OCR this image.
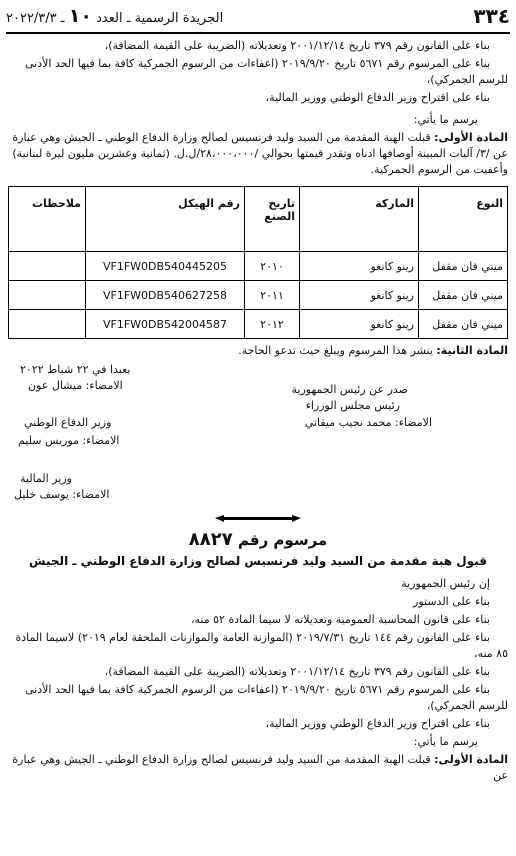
٣٣٤
الجريدة الرسمية ـ العدد ١٠ ـ ٢٠٢٢/٣/٣

بناء على القانون رقم ٣٧٩ تاريخ ٢٠٠١/١٢/١٤ وتعديلاته (الضريبة على القيمة المضافة)،

بناء على المرسوم رقم ٥٦٧١ تاريخ ٢٠١٩/٩/٢٠ (اعفاءات من الرسوم الجمركية كافة بما فيها الحد الأدنى للرسم الجمركي)،

بناء على اقتراح وزير الدفاع الوطني ووزير المالية،

يرسم ما يأتي:

المادة الأولى: قبلت الهبة المقدمة من السيد وليد فرنسيس لصالح وزارة الدفاع الوطني ـ الجيش وهي عبارة عن /٣/ آليات المبينة أوصافها ادناه وتقدر قيمتها بحوالي /٢٨،٠٠٠،٠٠٠/ل.ل. (ثمانية وعشرين مليون ليرة لبنانية) وأعفيت من الرسوم الجمركية.

النوع	الماركة	تاريخ الصنع	رقم الهيكل	ملاحظات
ميني فان مقفل	رينو كانغو	٢٠١٠	VF1FW0DB540445205	
ميني فان مقفل	رينو كانغو	٢٠١١	VF1FW0DB540627258	
ميني فان مقفل	رينو كانغو	٢٠١٢	VF1FW0DB542004587	

المادة الثانية: ينشر هذا المرسوم ويبلغ حيث تدعو الحاجة.

بعبدا في ٢٢ شباط ٢٠٢٢
الامضاء: ميشال عون	صدر عن رئيس الجمهورية
رئيس مجلس الوزراء
الامضاء: محمد نجيب ميقاتي
وزير الدفاع الوطني
الامضاء: موريس سليم
وزير المالية
الامضاء: يوسف خليل
مرسوم رقم ٨٨٢٧
قبول هبة مقدمة من السيد وليد فرنسيس لصالح وزارة الدفاع الوطني ـ الجيش

إن رئيس الجمهورية

بناء على الدستور

بناء على قانون المحاسبة العمومية وتعديلاته لا سيما المادة ٥٢ منه،

بناء على القانون رقم ١٤٤ تاريخ ٢٠١٩/٧/٣١ (الموازنة العامة والموازنات الملحقة لعام ٢٠١٩) لاسيما المادة ٨٥ منه،

بناء على القانون رقم ٣٧٩ تاريخ ٢٠٠١/١٢/١٤ وتعديلاته (الضريبة على القيمة المضافة)،

بناء على المرسوم رقم ٥٦٧١ تاريخ ٢٠١٩/٩/٢٠ (اعفاءات من الرسوم الجمركية كافة بما فيها الحد الأدنى للرسم الجمركي)،

بناء على اقتراح وزير الدفاع الوطني ووزير المالية،

يرسم ما يأتي:

المادة الأولى: قبلت الهبة المقدمة من السيد وليد فرنسيس لصالح وزارة الدفاع الوطني ـ الجيش وهي عبارة عن
